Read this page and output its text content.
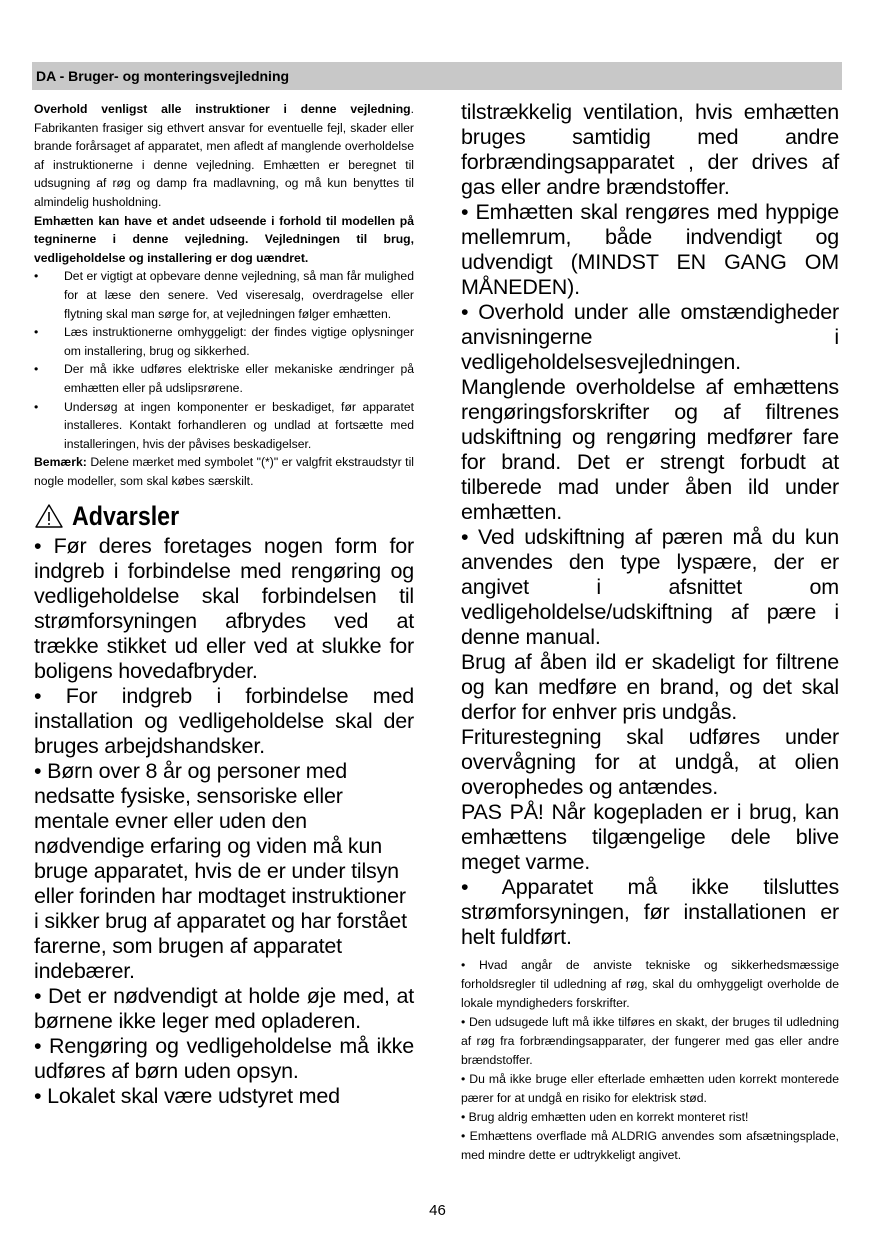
DA - Bruger- og monteringsvejledning

Overhold venligst alle instruktioner i denne vejledning. Fabrikanten frasiger sig ethvert ansvar for eventuelle fejl, skader eller brande forårsaget af apparatet, men afledt af manglende overholdelse af instruktionerne i denne vejledning. Emhætten er beregnet til udsugning af røg og damp fra madlavning, og må kun benyttes til almindelig husholdning.

Emhætten kan have et andet udseende i forhold til modellen på tegninerne i denne vejledning. Vejledningen til brug, vedligeholdelse og installering er dog uændret.

• Det er vigtigt at opbevare denne vejledning, så man får mulighed for at læse den senere. Ved viseresalg, overdragelse eller flytning skal man sørge for, at vejledningen følger emhætten.
• Læs instruktionerne omhyggeligt: der findes vigtige oplysninger om installering, brug og sikkerhed.
• Der må ikke udføres elektriske eller mekaniske ændringer på emhætten eller på udslipsrørene.
• Undersøg at ingen komponenter er beskadiget, før apparatet installeres. Kontakt forhandleren og undlad at fortsætte med installeringen, hvis der påvises beskadigelser.

Bemærk: Delene mærket med symbolet "(*)" er valgfrit ekstraudstyr til nogle modeller, som skal købes særskilt.

Advarsler

• Før deres foretages nogen form for indgreb i forbindelse med rengøring og vedligeholdelse skal forbindelsen til strømforsyningen afbrydes ved at trække stikket ud eller ved at slukke for boligens hovedafbryder.

• For indgreb i forbindelse med installation og vedligeholdelse skal der bruges arbejdshandsker.

• Børn over 8 år og personer med nedsatte fysiske, sensoriske eller mentale evner eller uden den nødvendige erfaring og viden må kun bruge apparatet, hvis de er under tilsyn eller forinden har modtaget instruktioner i sikker brug af apparatet og har forstået farerne, som brugen af apparatet indebærer.

• Det er nødvendigt at holde øje med, at børnene ikke leger med opladeren.

• Rengøring og vedligeholdelse må ikke udføres af børn uden opsyn.

• Lokalet skal være udstyret med

tilstrækkelig ventilation, hvis emhætten bruges samtidig med andre forbrændingsapparatet , der drives af gas eller andre brændstoffer.

• Emhætten skal rengøres med hyppige mellemrum, både indvendigt og udvendigt (MINDST EN GANG OM MÅNEDEN).

• Overhold under alle omstændigheder anvisningerne i vedligeholdelsesvejledningen.

Manglende overholdelse af emhættens rengøringsforskrifter og af filtrenes udskiftning og rengøring medfører fare for brand. Det er strengt forbudt at tilberede mad under åben ild under emhætten.

• Ved udskiftning af pæren må du kun anvendes den type lyspære, der er angivet i afsnittet om vedligeholdelse/udskiftning af pære i denne manual.

Brug af åben ild er skadeligt for filtrene og kan medføre en brand, og det skal derfor for enhver pris undgås.

Friturestegning skal udføres under overvågning for at undgå, at olien overophedes og antændes.

PAS PÅ! Når kogepladen er i brug, kan emhættens tilgængelige dele blive meget varme.

• Apparatet må ikke tilsluttes strømforsyningen, før installationen er helt fuldført.

• Hvad angår de anviste tekniske og sikkerhedsmæssige forholdsregler til udledning af røg, skal du omhyggeligt overholde de lokale myndigheders forskrifter.

• Den udsugede luft må ikke tilføres en skakt, der bruges til udledning af røg fra forbrændingsapparater, der fungerer med gas eller andre brændstoffer.

• Du må ikke bruge eller efterlade emhætten uden korrekt monterede pærer for at undgå en risiko for elektrisk stød.

• Brug aldrig emhætten uden en korrekt monteret rist!

• Emhættens overflade må ALDRIG anvendes som afsætningsplade, med mindre dette er udtrykkeligt angivet.

46
